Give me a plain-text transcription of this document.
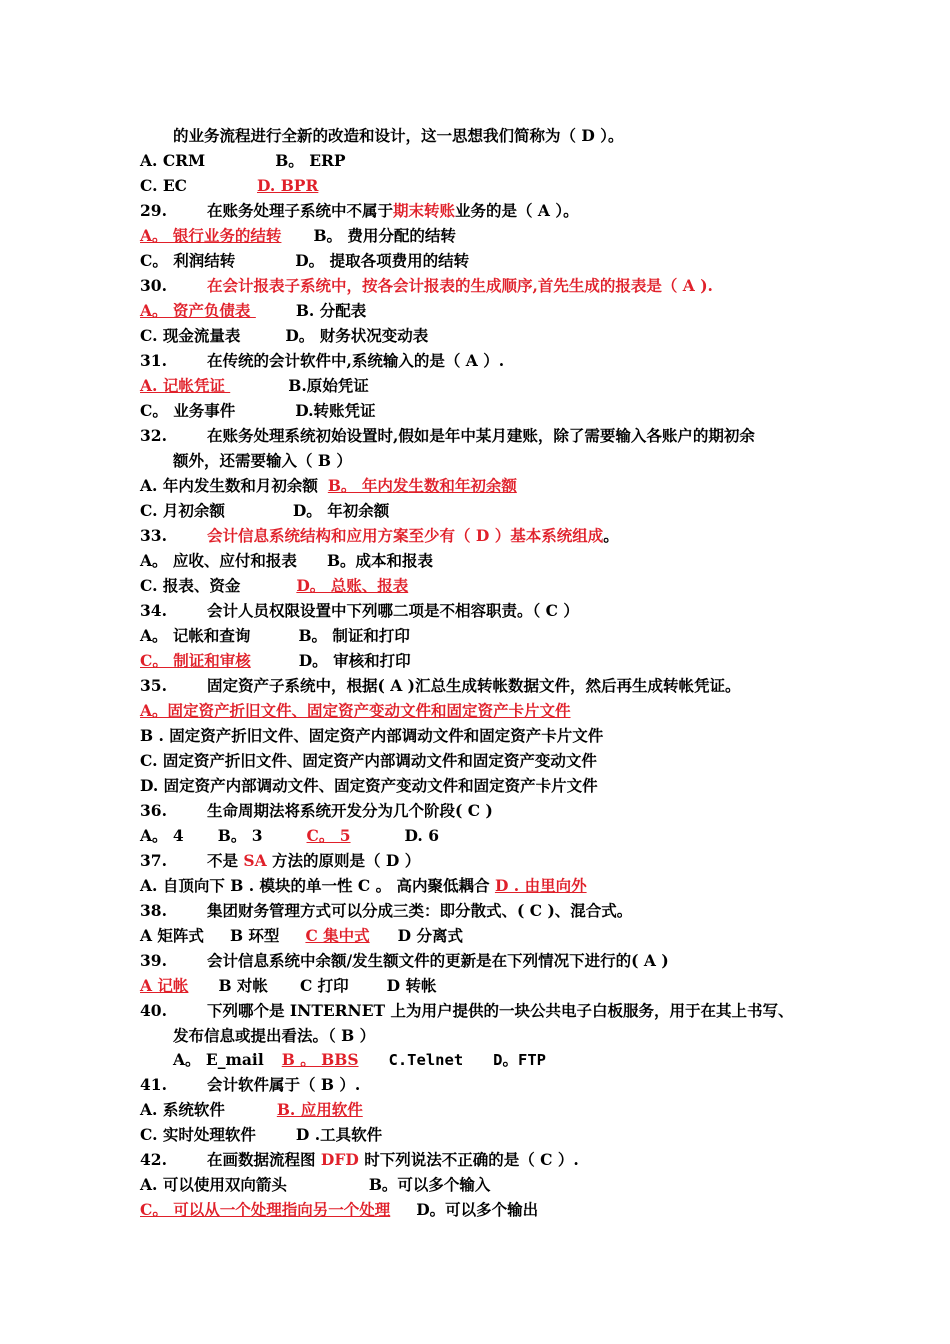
的业务流程进行全新的改造和设计，这一思想我们简称为（ D ）。
A. CRM	B。 ERP
C. EC	D. BPR
29.	在账务处理子系统中不属于期末转账业务的是（ A ）。
A。 银行业务的结转 B。 费用分配的结转
C。 利润结转	D。 提取各项费用的结转
30.	在会计报表子系统中，按各会计报表的生成顺序,首先生成的报表是（ A ).
A。 资产负债表	B. 分配表
C. 现金流量表	D。 财务状况变动表
31.	在传统的会计软件中,系统输入的是（ A ）.
A. 记帐凭证	B.原始凭证
C。 业务事件	D.转账凭证
32.	在账务处理系统初始设置时,假如是年中某月建账，除了需要输入各账户的期初余
额外，还需要输入（ B ）
A. 年内发生数和月初余额 B。 年内发生数和年初余额
C. 月初余额	D。 年初余额
33.	会计信息系统结构和应用方案至少有（ D ）基本系统组成。
A。 应收、应付和报表 B。成本和报表
C. 报表、资金	D。 总账、报表
34.	会计人员权限设置中下列哪二项是不相容职责。（ C ）
A。 记帐和查询	B。 制证和打印
C。 制证和审核	D。 审核和打印
35.	固定资产子系统中，根据( A )汇总生成转帐数据文件，然后再生成转帐凭证。
A。固定资产折旧文件、固定资产变动文件和固定资产卡片文件
B . 固定资产折旧文件、固定资产内部调动文件和固定资产卡片文件
C. 固定资产折旧文件、固定资产内部调动文件和固定资产变动文件
D. 固定资产内部调动文件、固定资产变动文件和固定资产卡片文件
36.	生命周期法将系统开发分为几个阶段( C )
A。 4 B。 3	C。 5	D. 6
37.	不是 SA 方法的原则是（ D ）
A. 自顶向下 B . 模块的单一性 C 。 高内聚低耦合 D . 由里向外
38.	集团财务管理方式可以分成三类：即分散式、( C )、混合式。
A 矩阵式 B 环型 C 集中式 D 分离式
39.	会计信息系统中余额/发生额文件的更新是在下列情况下进行的( A )
A 记帐 B 对帐 C 打印 D 转帐
40.	下列哪个是 INTERNET 上为用户提供的一块公共电子白板服务，用于在其上书写、
发布信息或提出看法。（ B ）
A。 E_mail B 。 BBS C.Telnet D。FTP
41.	会计软件属于（ B ）.
A. 系统软件	B. 应用软件
C. 实时处理软件	D .工具软件
42.	在画数据流程图 DFD 时下列说法不正确的是（ C ）.
A. 可以使用双向箭头	B。可以多个输入
C。 可以从一个处理指向另一个处理 D。可以多个输出
